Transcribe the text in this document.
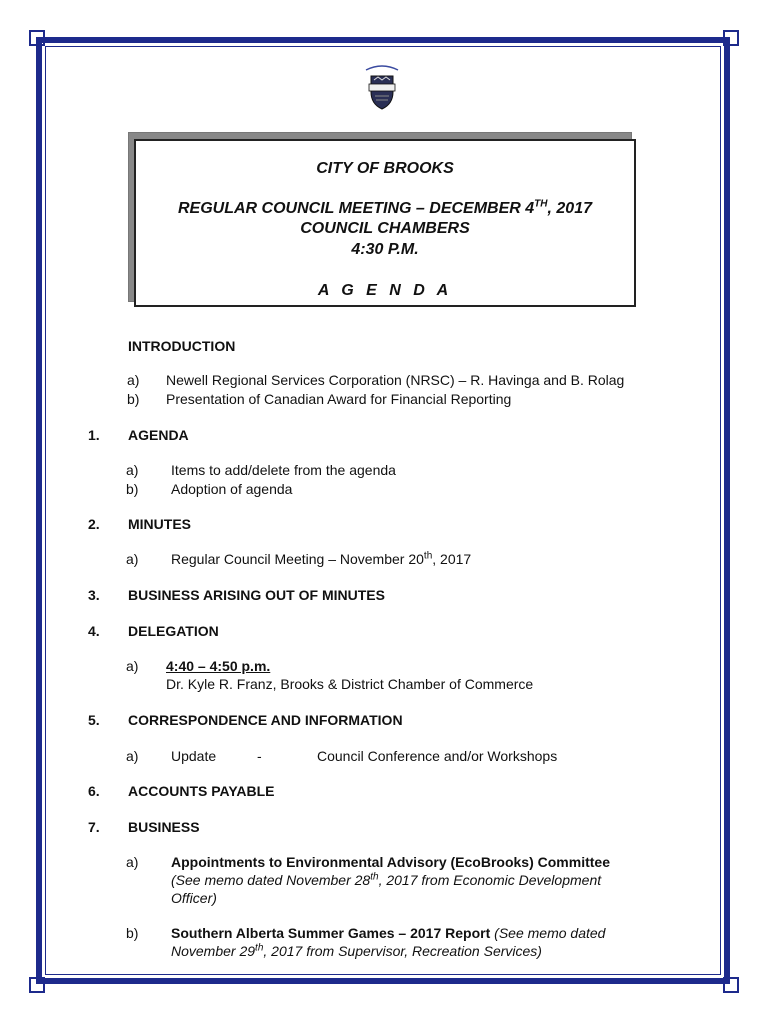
CITY OF BROOKS
REGULAR COUNCIL MEETING – DECEMBER 4TH, 2017
COUNCIL CHAMBERS
4:30 P.M.
A G E N D A
INTRODUCTION
a) Newell Regional Services Corporation (NRSC) – R. Havinga and B. Rolag
b) Presentation of Canadian Award for Financial Reporting
1. AGENDA
a) Items to add/delete from the agenda
b) Adoption of agenda
2. MINUTES
a) Regular Council Meeting – November 20th, 2017
3. BUSINESS ARISING OUT OF MINUTES
4. DELEGATION
a) 4:40 – 4:50 p.m.
Dr. Kyle R. Franz, Brooks & District Chamber of Commerce
5. CORRESPONDENCE AND INFORMATION
a) Update	-	Council Conference and/or Workshops
6. ACCOUNTS PAYABLE
7. BUSINESS
a) Appointments to Environmental Advisory (EcoBrooks) Committee
(See memo dated November 28th, 2017 from Economic Development
Officer)
b) Southern Alberta Summer Games – 2017 Report (See memo dated
November 29th, 2017 from Supervisor, Recreation Services)
